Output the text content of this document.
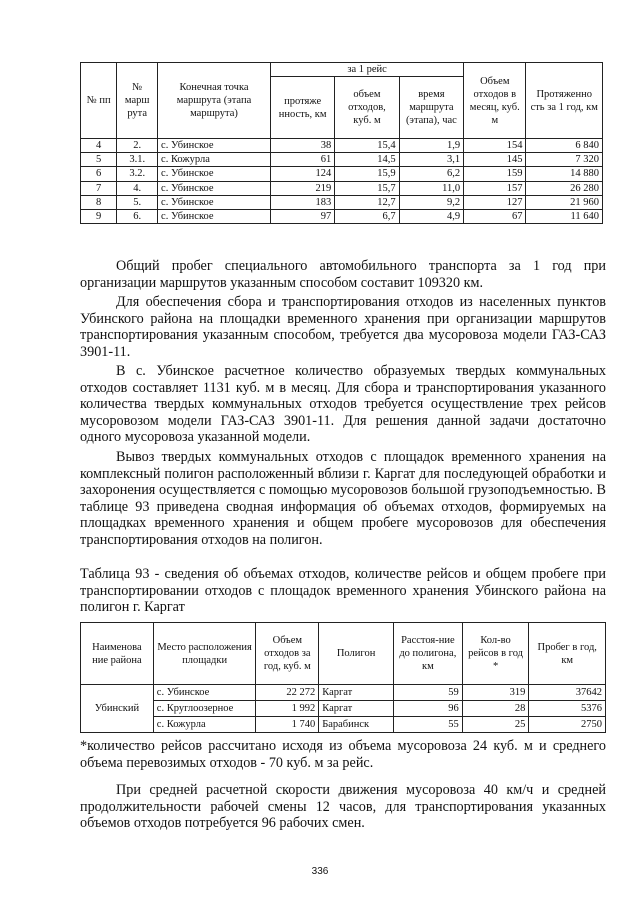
№ пп	№ марш рута	Конечная точка маршрута (этапа маршрута)	за 1 рейс			Объем отходов в месяц, куб. м	Протяженно сть за 1 год, км
			протяже нность, км	объем отходов, куб. м	время маршрута (этапа), час		
4	2.	с. Убинское	38	15,4	1,9	154	6 840
5	3.1.	с. Кожурла	61	14,5	3,1	145	7 320
6	3.2.	с. Убинское	124	15,9	6,2	159	14 880
7	4.	с. Убинское	219	15,7	11,0	157	26 280
8	5.	с. Убинское	183	12,7	9,2	127	21 960
9	6.	с. Убинское	97	6,7	4,9	67	11 640

Общий пробег специального автомобильного транспорта за 1 год при организации маршрутов указанным способом составит 109320 км.

Для обеспечения сбора и транспортирования отходов из населенных пунктов Убинского района на площадки временного хранения при организации маршрутов транспортирования указанным способом, требуется два мусоровоза модели ГАЗ-САЗ 3901-11.

В с. Убинское расчетное количество образуемых твердых коммунальных отходов составляет 1131 куб. м в месяц. Для сбора и транспортирования указанного количества твердых коммунальных отходов требуется осуществление трех рейсов мусоровозом модели ГАЗ-САЗ 3901-11. Для решения данной задачи достаточно одного мусоровоза указанной модели.

Вывоз твердых коммунальных отходов с площадок временного хранения на комплексный полигон расположенный вблизи г. Каргат для последующей обработки и захоронения осуществляется с помощью мусоровозов большой грузоподъемностью. В таблице 93 приведена сводная информация об объемах отходов, формируемых на площадках временного хранения и общем пробеге мусоровозов для обеспечения транспортирования отходов на полигон.

Таблица 93 - сведения об объемах отходов, количестве рейсов и общем пробеге при транспортировании отходов с площадок временного хранения Убинского района на полигон г. Каргат

Наименова ние района	Место расположения площадки	Объем отходов за год, куб. м	Полигон	Расстоя-ние до полигона, км	Кол-во рейсов в год *	Пробег в год, км
Убинский	с. Убинское	22 272	Каргат	59	319	37642
	с. Круглоозерное	1 992	Каргат	96	28	5376
	с. Кожурла	1 740	Барабинск	55	25	2750

*количество рейсов рассчитано исходя из объема мусоровоза 24 куб. м и среднего объема перевозимых отходов - 70 куб. м за рейс.

При средней расчетной скорости движения мусоровоза 40 км/ч и средней продолжительности рабочей смены 12 часов, для транспортирования указанных объемов отходов потребуется 96 рабочих смен.

336
